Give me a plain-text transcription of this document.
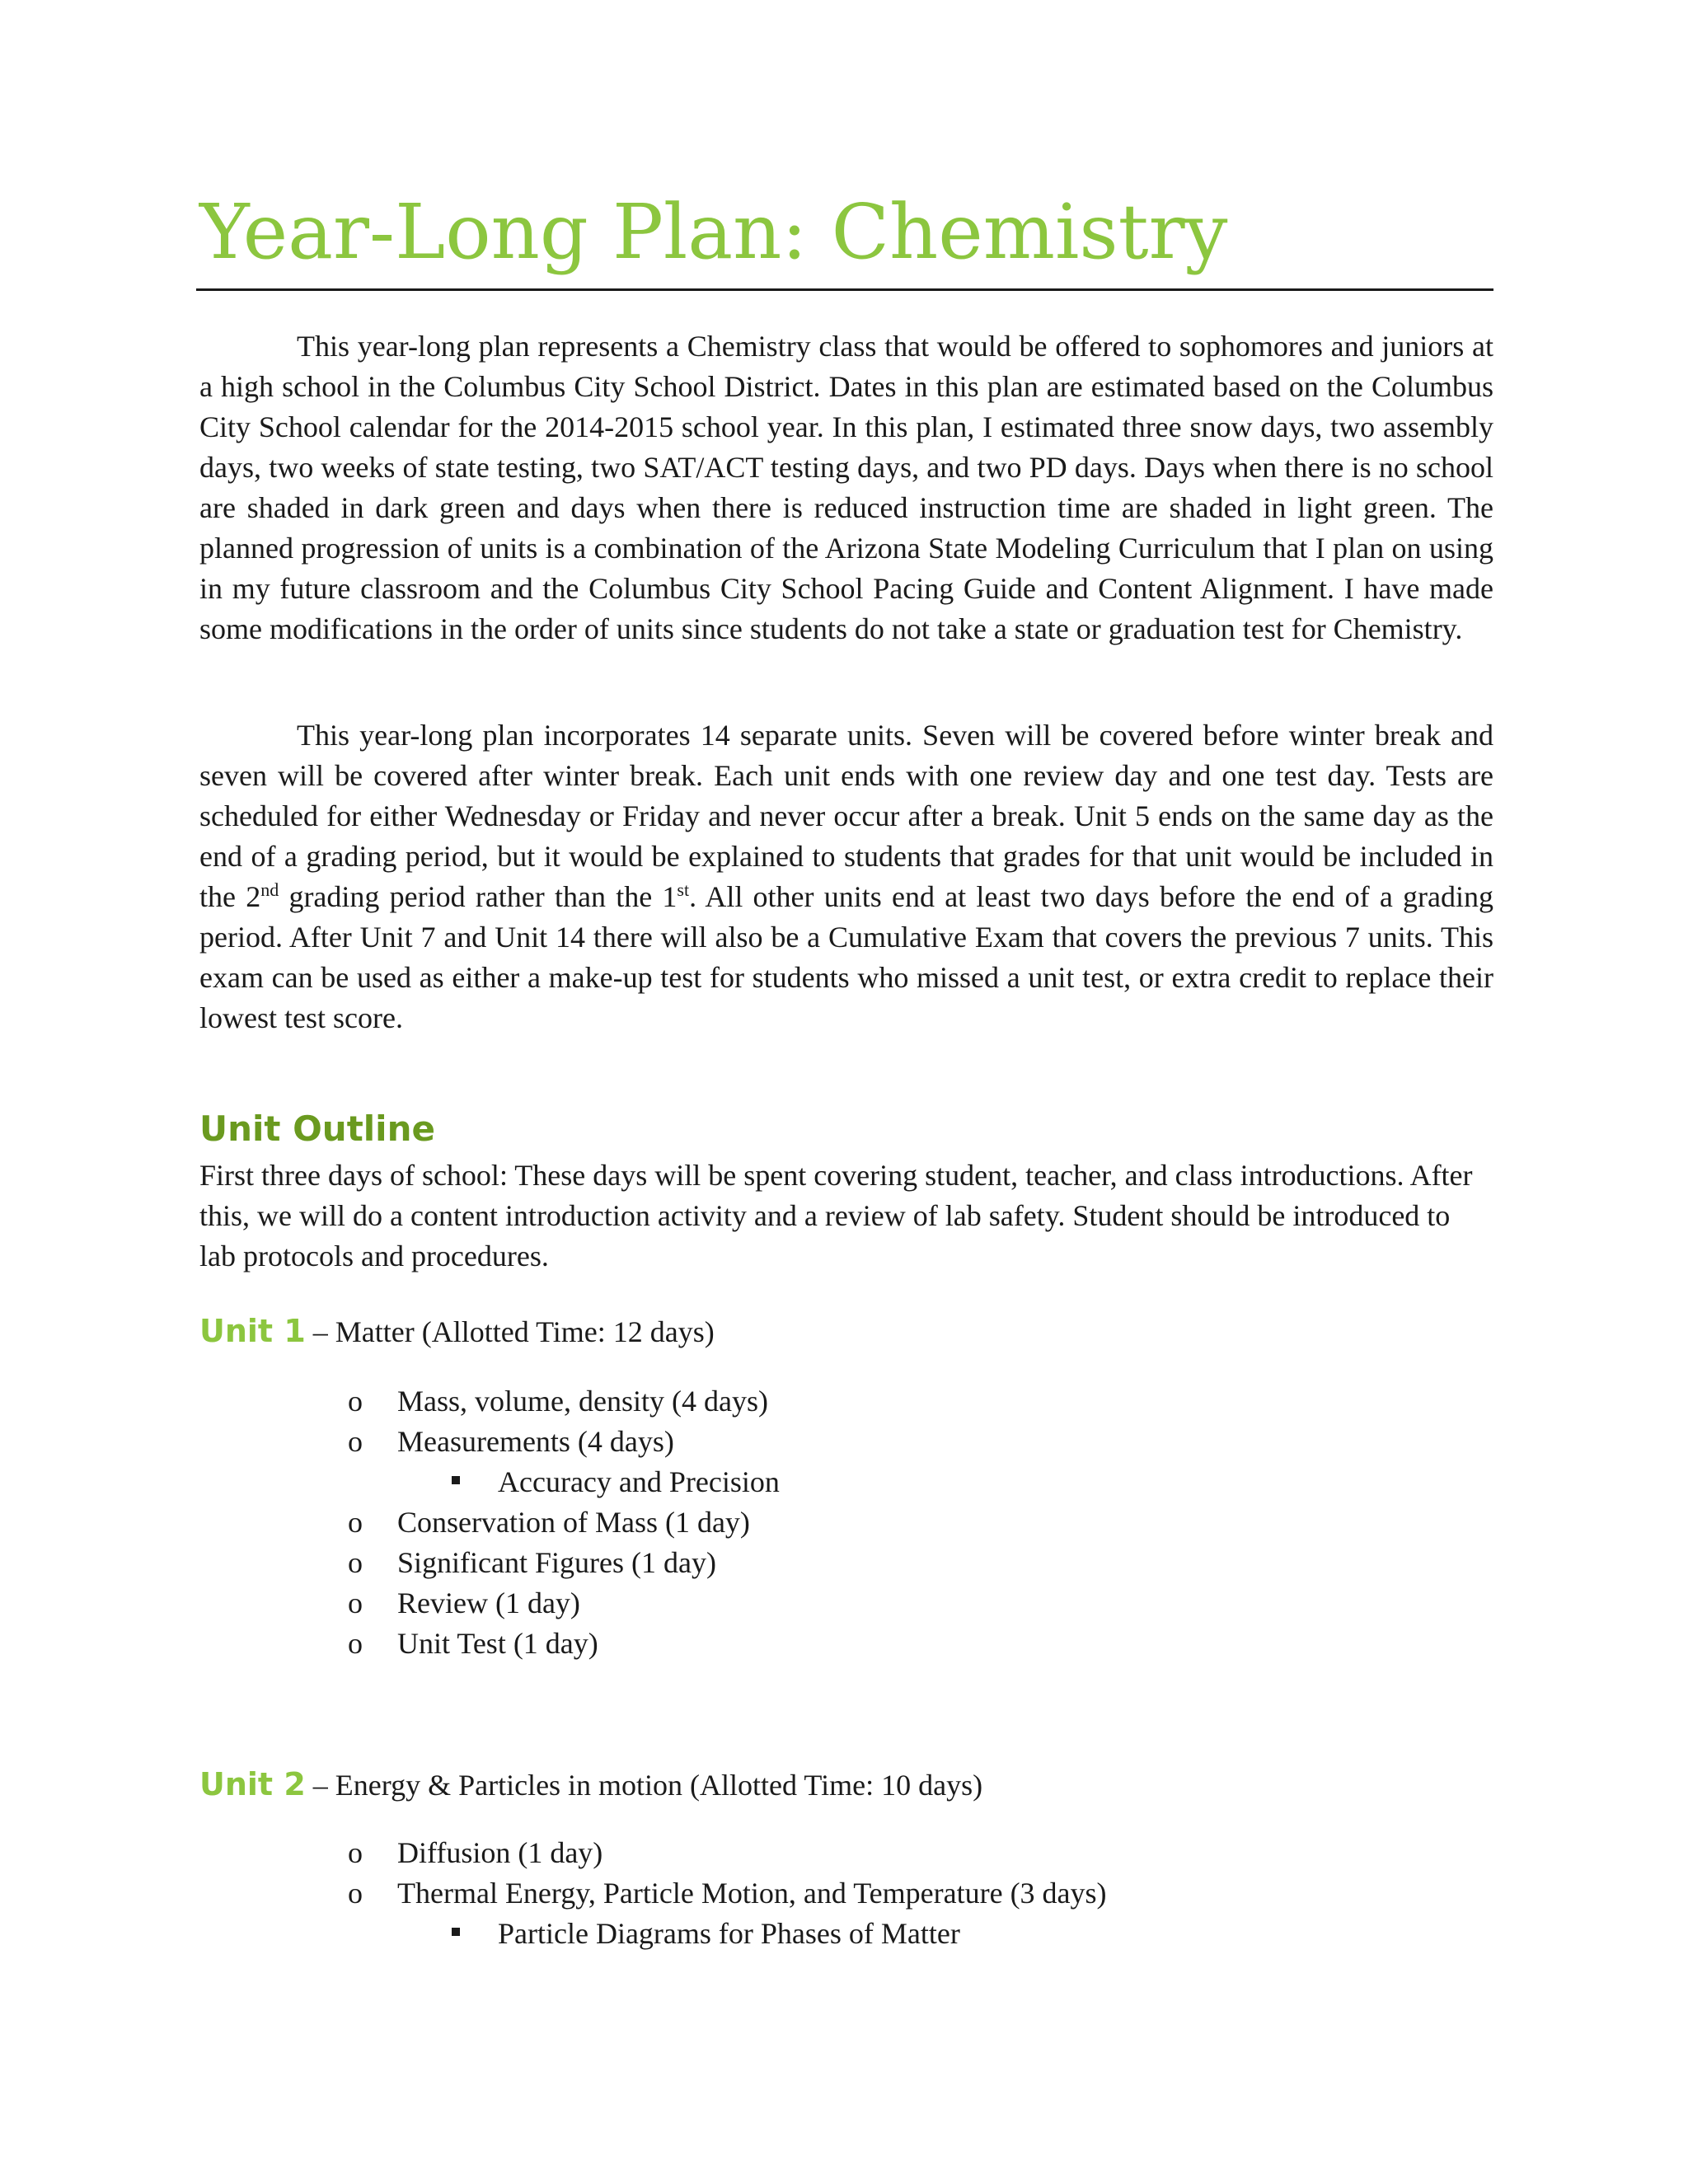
Year-Long Plan: Chemistry

This year-long plan represents a Chemistry class that would be offered to sophomores and juniors at a high school in the Columbus City School District. Dates in this plan are estimated based on the Columbus City School calendar for the 2014-2015 school year. In this plan, I estimated three snow days, two assembly days, two weeks of state testing, two SAT/ACT testing days, and two PD days. Days when there is no school are shaded in dark green and days when there is reduced instruction time are shaded in light green. The planned progression of units is a combination of the Arizona State Modeling Curriculum that I plan on using in my future classroom and the Columbus City School Pacing Guide and Content Alignment. I have made some modifications in the order of units since students do not take a state or graduation test for Chemistry.

This year-long plan incorporates 14 separate units. Seven will be covered before winter break and seven will be covered after winter break. Each unit ends with one review day and one test day. Tests are scheduled for either Wednesday or Friday and never occur after a break. Unit 5 ends on the same day as the end of a grading period, but it would be explained to students that grades for that unit would be included in the 2nd grading period rather than the 1st. All other units end at least two days before the end of a grading period. After Unit 7 and Unit 14 there will also be a Cumulative Exam that covers the previous 7 units. This exam can be used as either a make-up test for students who missed a unit test, or extra credit to replace their lowest test score.

Unit Outline

First three days of school: These days will be spent covering student, teacher, and class introductions. After this, we will do a content introduction activity and a review of lab safety. Student should be introduced to lab protocols and procedures.

Unit 1 – Matter (Allotted Time: 12 days)
o Mass, volume, density (4 days)
o Measurements (4 days)
Accuracy and Precision
o Conservation of Mass (1 day)
o Significant Figures (1 day)
o Review (1 day)
o Unit Test (1 day)
Unit 2 – Energy & Particles in motion (Allotted Time: 10 days)
o Diffusion (1 day)
o Thermal Energy, Particle Motion, and Temperature (3 days)
Particle Diagrams for Phases of Matter
